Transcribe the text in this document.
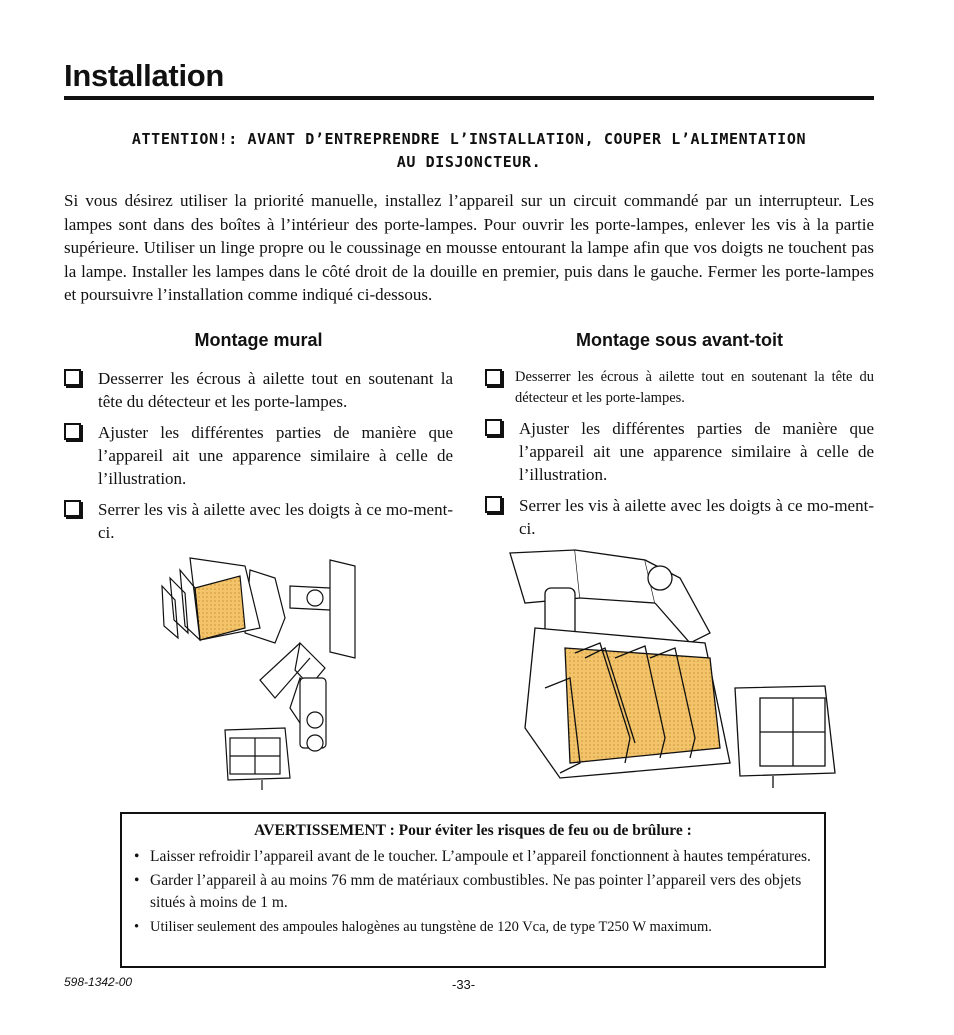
Installation
ATTENTION!: AVANT D’ENTREPRENDRE L’INSTALLATION, COUPER L’ALIMENTATION
AU DISJONCTEUR.

Si vous désirez utiliser la priorité manuelle, installez l’appareil sur un circuit commandé par un interrupteur. Les lampes sont dans des boîtes à l’intérieur des porte-lampes. Pour ouvrir les porte-lampes, enlever les vis à la partie supérieure. Utiliser un linge propre ou le coussinage en mousse entourant la lampe afin que vos doigts ne touchent pas la lampe. Installer les lampes dans le côté droit de la douille en premier, puis dans le gauche. Fermer les porte-lampes et poursuivre l’installation comme indiqué ci-dessous.

Montage mural
Desserrer les écrous à ailette tout en soutenant la tête du détecteur et les porte-lampes.
Ajuster les différentes parties de manière que l’appareil ait une apparence similaire à celle de l’illustration.
Serrer les vis à ailette avec les doigts à ce mo-ment-ci.
Montage sous avant-toit
Desserrer les écrous à ailette tout en soutenant la tête du détecteur et les porte-lampes.
Ajuster les différentes parties de manière que l’appareil ait une apparence similaire à celle de l’illustration.
Serrer les vis à ailette avec les doigts à ce mo-ment-ci.
AVERTISSEMENT : Pour éviter les risques de feu ou de brûlure :
• Laisser refroidir l’appareil avant de le toucher. L’ampoule et l’appareil fonctionnent à hautes températures.
• Garder l’appareil à au moins 76 mm de matériaux combustibles. Ne pas pointer l’appareil vers des objets situés à moins de 1 m.
• Utiliser seulement des ampoules halogènes au tungstène de 120 Vca, de type T250 W maximum.
598-1342-00	-33-
